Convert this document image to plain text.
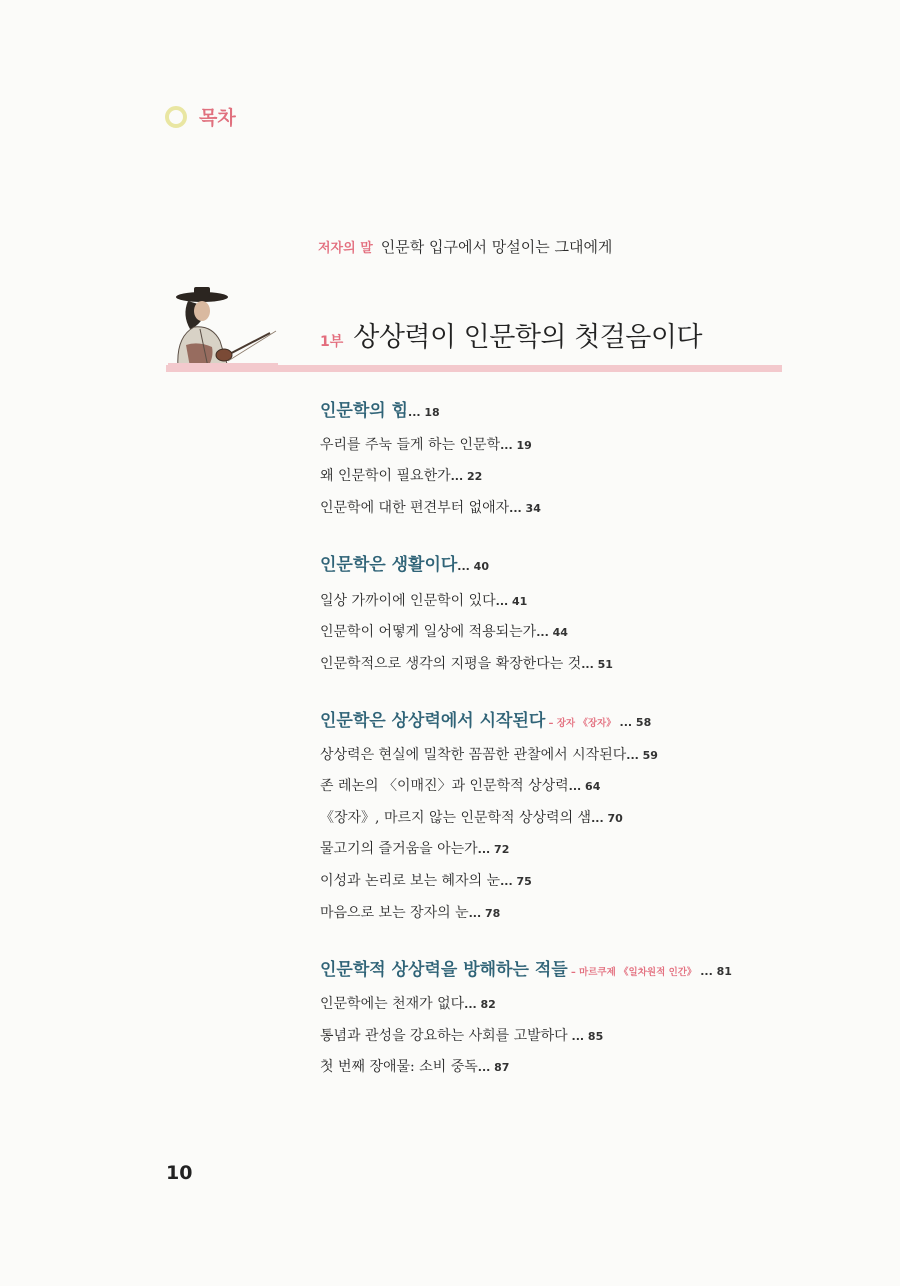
목차
저자의 말 인문학 입구에서 망설이는 그대에게
1부 상상력이 인문학의 첫걸음이다
인문학의 힘... 18
우리를 주눅 들게 하는 인문학... 19
왜 인문학이 필요한가... 22
인문학에 대한 편견부터 없애자... 34
인문학은 생활이다... 40
일상 가까이에 인문학이 있다... 41
인문학이 어떻게 일상에 적용되는가... 44
인문학적으로 생각의 지평을 확장한다는 것... 51
인문학은 상상력에서 시작된다 – 장자 《장자》 ... 58
상상력은 현실에 밀착한 꼼꼼한 관찰에서 시작된다... 59
존 레논의 〈이매진〉과 인문학적 상상력... 64
《장자》, 마르지 않는 인문학적 상상력의 샘... 70
물고기의 즐거움을 아는가... 72
이성과 논리로 보는 혜자의 눈... 75
마음으로 보는 장자의 눈... 78
인문학적 상상력을 방해하는 적들 – 마르쿠제 《일차원적 인간》 ... 81
인문학에는 천재가 없다... 82
통념과 관성을 강요하는 사회를 고발하다 ... 85
첫 번째 장애물: 소비 중독... 87
10
